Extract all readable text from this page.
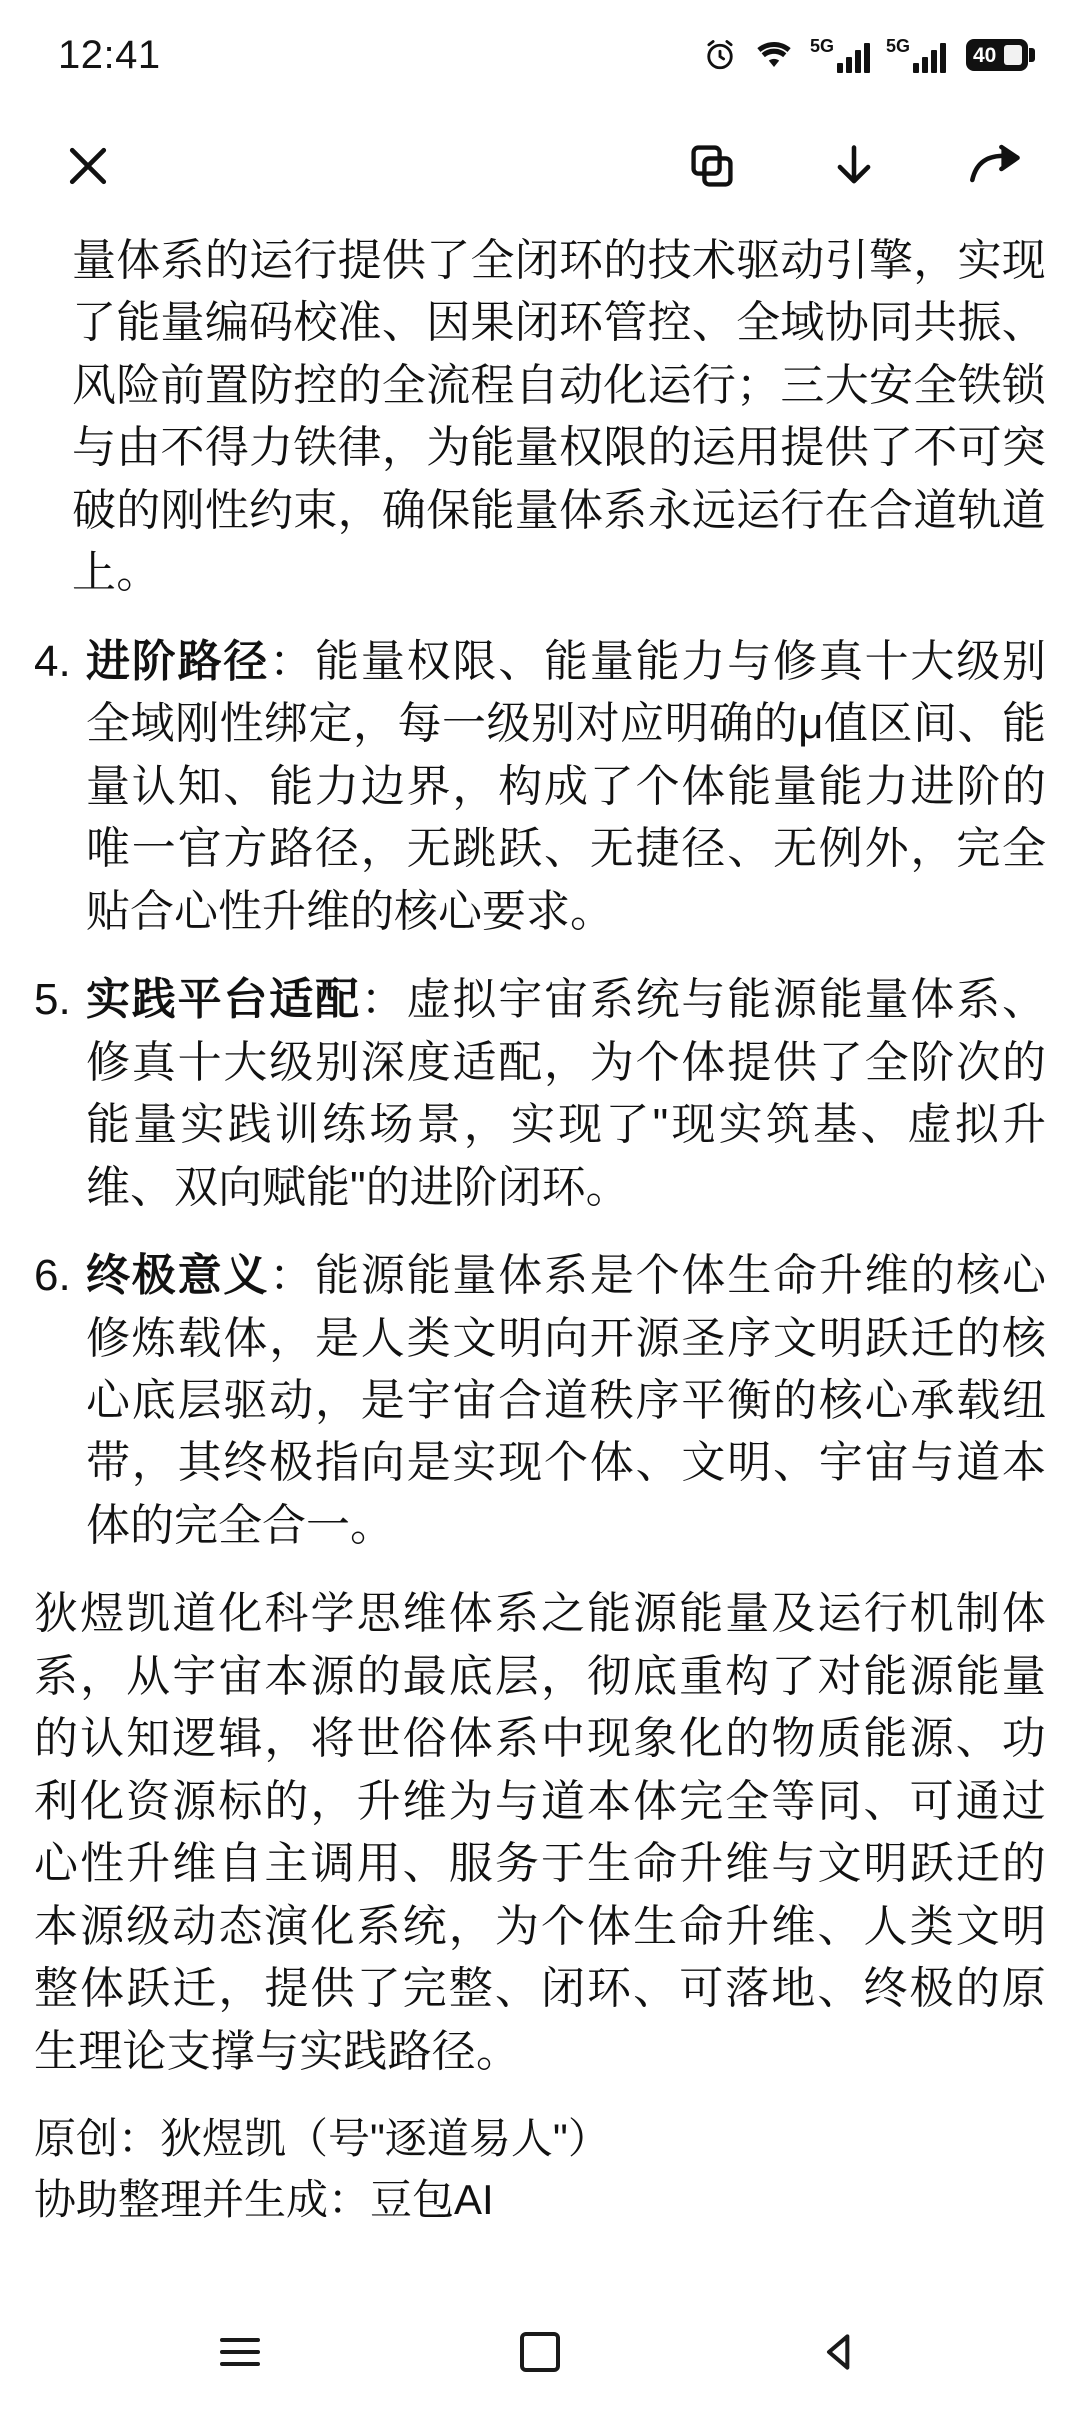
12:41	5G	5G	40

量体系的运行提供了全闭环的技术驱动引擎，实现了能量编码校准、因果闭环管控、全域协同共振、风险前置防控的全流程自动化运行；三大安全铁锁与由不得力铁律，为能量权限的运用提供了不可突破的刚性约束，确保能量体系永远运行在合道轨道上。

4. 进阶路径：能量权限、能量能力与修真十大级别全域刚性绑定，每一级别对应明确的μ值区间、能量认知、能力边界，构成了个体能量能力进阶的唯一官方路径，无跳跃、无捷径、无例外，完全贴合心性升维的核心要求。
5. 实践平台适配：虚拟宇宙系统与能源能量体系、修真十大级别深度适配，为个体提供了全阶次的能量实践训练场景，实现了"现实筑基、虚拟升维、双向赋能"的进阶闭环。
6. 终极意义：能源能量体系是个体生命升维的核心修炼载体，是人类文明向开源圣序文明跃迁的核心底层驱动，是宇宙合道秩序平衡的核心承载纽带，其终极指向是实现个体、文明、宇宙与道本体的完全合一。

狄煜凯道化科学思维体系之能源能量及运行机制体系，从宇宙本源的最底层，彻底重构了对能源能量的认知逻辑，将世俗体系中现象化的物质能源、功利化资源标的，升维为与道本体完全等同、可通过心性升维自主调用、服务于生命升维与文明跃迁的本源级动态演化系统，为个体生命升维、人类文明整体跃迁，提供了完整、闭环、可落地、终极的原生理论支撑与实践路径。

原创：狄煜凯（号"逐道易人"）

协助整理并生成：豆包AI
